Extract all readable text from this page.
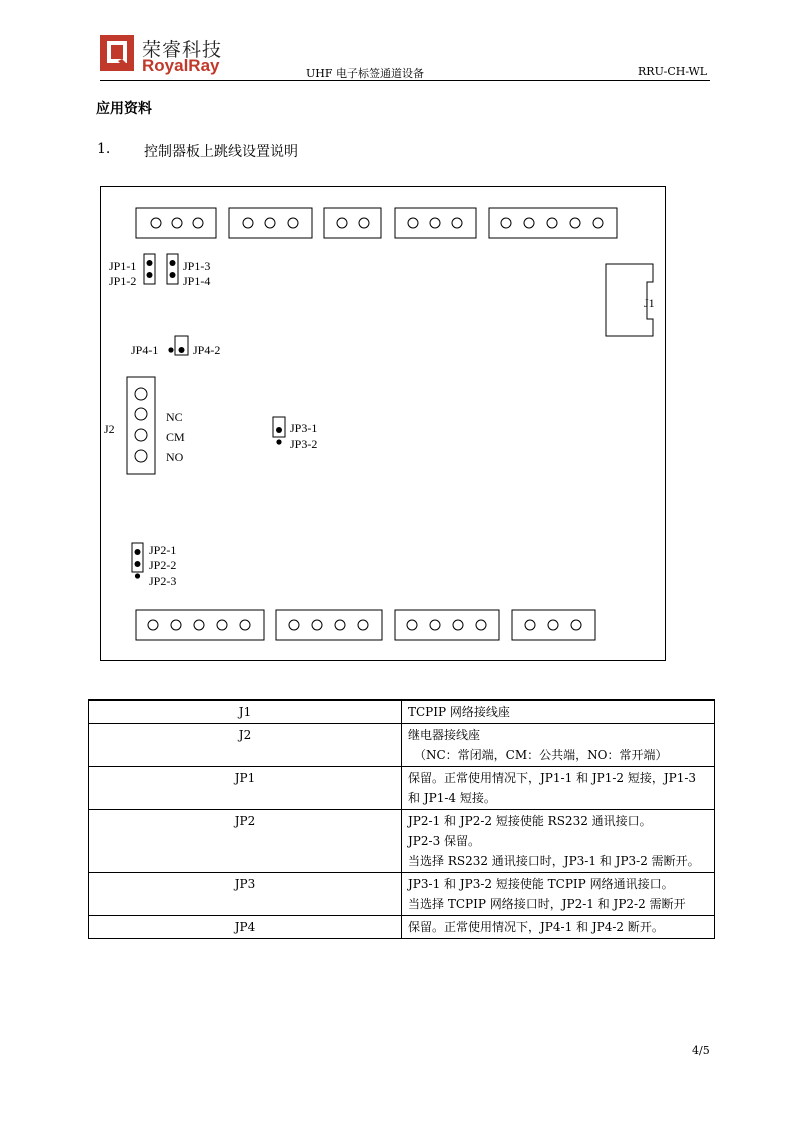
荣睿科技
RoyalRay	UHF 电子标签通道设备	RRU-CH-WL
应用资料
1. 控制器板上跳线设置说明
JP1-1
JP1-2
JP1-3
JP1-4
J1
JP4-1	JP4-2
J2
NC
CM
NO
JP3-1
JP3-2
JP2-1
JP2-2
JP2-3
J1	TCPIP 网络接线座

J2	继电器接线座
（NC：常闭端，CM：公共端，NO：常开端）

JP1	保留。正常使用情况下，JP1-1 和 JP1-2 短接，JP1-3
和 JP1-4 短接。

JP2	JP2-1 和 JP2-2 短接使能 RS232 通讯接口。
JP2-3 保留。
当选择 RS232 通讯接口时，JP3-1 和 JP3-2 需断开。

JP3	JP3-1 和 JP3-2 短接使能 TCPIP 网络通讯接口。
当选择 TCPIP 网络接口时，JP2-1 和 JP2-2 需断开

JP4	保留。正常使用情况下，JP4-1 和 JP4-2 断开。
4/5
